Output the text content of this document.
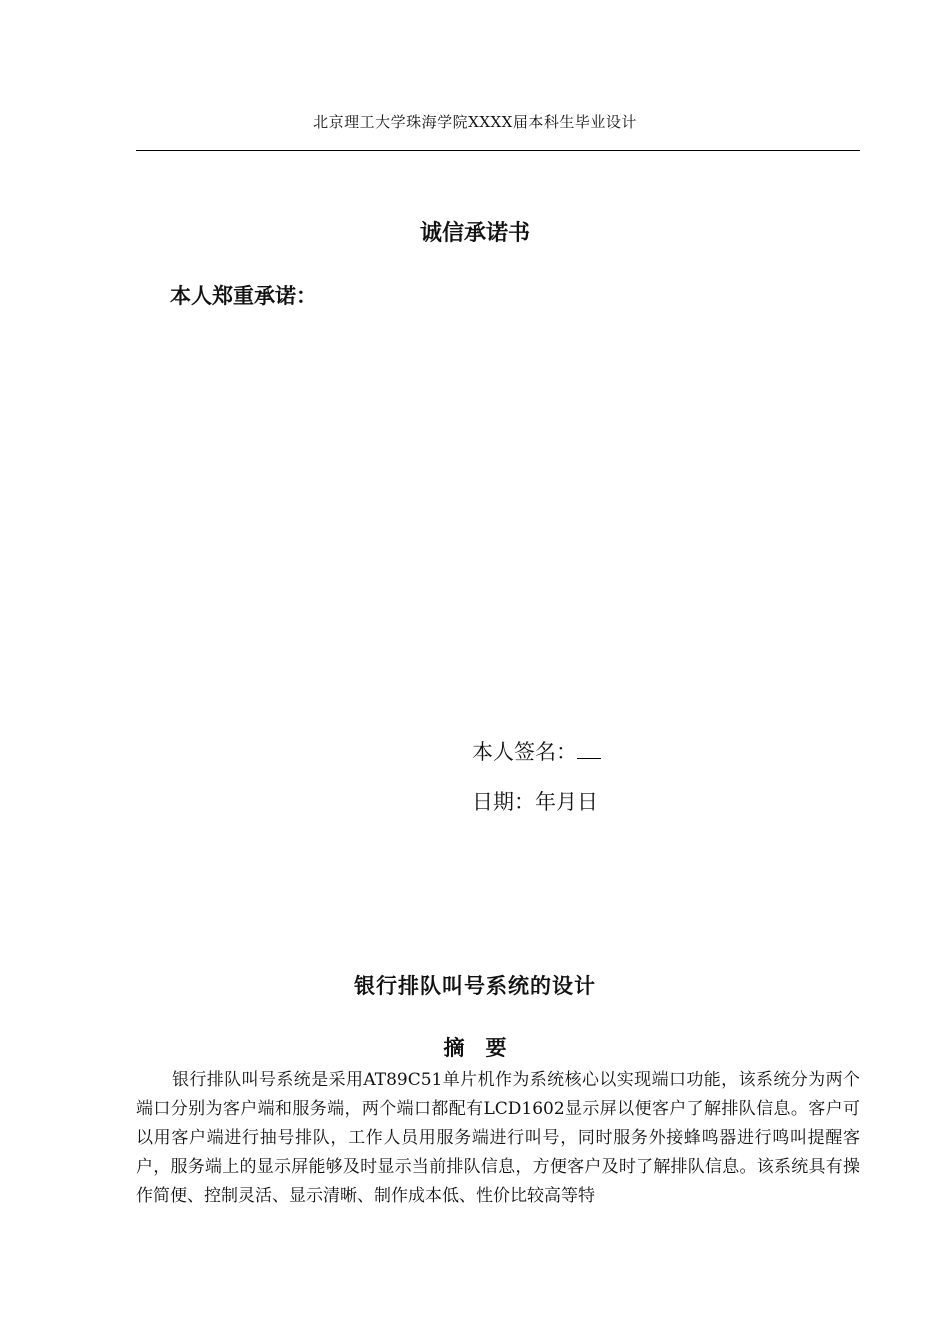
北京理工大学珠海学院XXXX届本科生毕业设计
诚信承诺书
本人郑重承诺：
本人签名：
日期：年月日
银行排队叫号系统的设计
摘　要
银行排队叫号系统是采用AT89C51单片机作为系统核心以实现端口功能，该系统分为两个端口分别为客户端和服务端，两个端口都配有LCD1602显示屏以便客户了解排队信息。客户可以用客户端进行抽号排队，工作人员用服务端进行叫号，同时服务外接蜂鸣器进行鸣叫提醒客户，服务端上的显示屏能够及时显示当前排队信息，方便客户及时了解排队信息。该系统具有操作简便、控制灵活、显示清晰、制作成本低、性价比较高等特
